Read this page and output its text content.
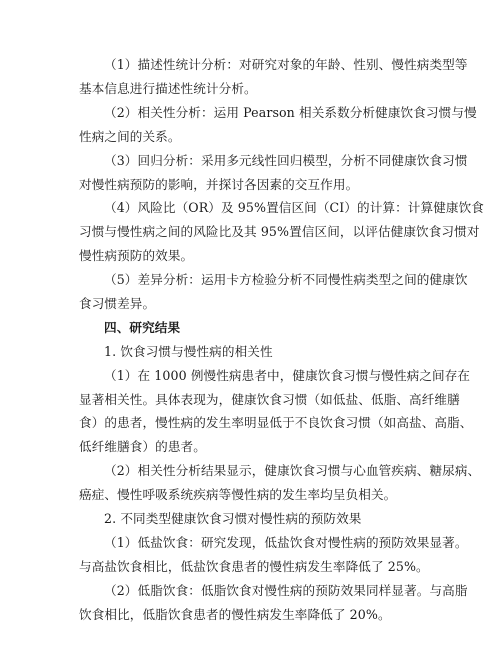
（1）描述性统计分析：对研究对象的年龄、性别、慢性病类型等
基本信息进行描述性统计分析。
（2）相关性分析：运用 Pearson 相关系数分析健康饮食习惯与慢
性病之间的关系。
（3）回归分析：采用多元线性回归模型，分析不同健康饮食习惯
对慢性病预防的影响，并探讨各因素的交互作用。
（4）风险比（OR）及 95%置信区间（CI）的计算：计算健康饮食
习惯与慢性病之间的风险比及其 95%置信区间，以评估健康饮食习惯对
慢性病预防的效果。
（5）差异分析：运用卡方检验分析不同慢性病类型之间的健康饮
食习惯差异。
四、研究结果
1. 饮食习惯与慢性病的相关性
（1）在 1000 例慢性病患者中，健康饮食习惯与慢性病之间存在
显著相关性。具体表现为，健康饮食习惯（如低盐、低脂、高纤维膳
食）的患者，慢性病的发生率明显低于不良饮食习惯（如高盐、高脂、
低纤维膳食）的患者。
（2）相关性分析结果显示，健康饮食习惯与心血管疾病、糖尿病、
癌症、慢性呼吸系统疾病等慢性病的发生率均呈负相关。
2. 不同类型健康饮食习惯对慢性病的预防效果
（1）低盐饮食：研究发现，低盐饮食对慢性病的预防效果显著。
与高盐饮食相比，低盐饮食患者的慢性病发生率降低了 25%。
（2）低脂饮食：低脂饮食对慢性病的预防效果同样显著。与高脂
饮食相比，低脂饮食患者的慢性病发生率降低了 20%。
